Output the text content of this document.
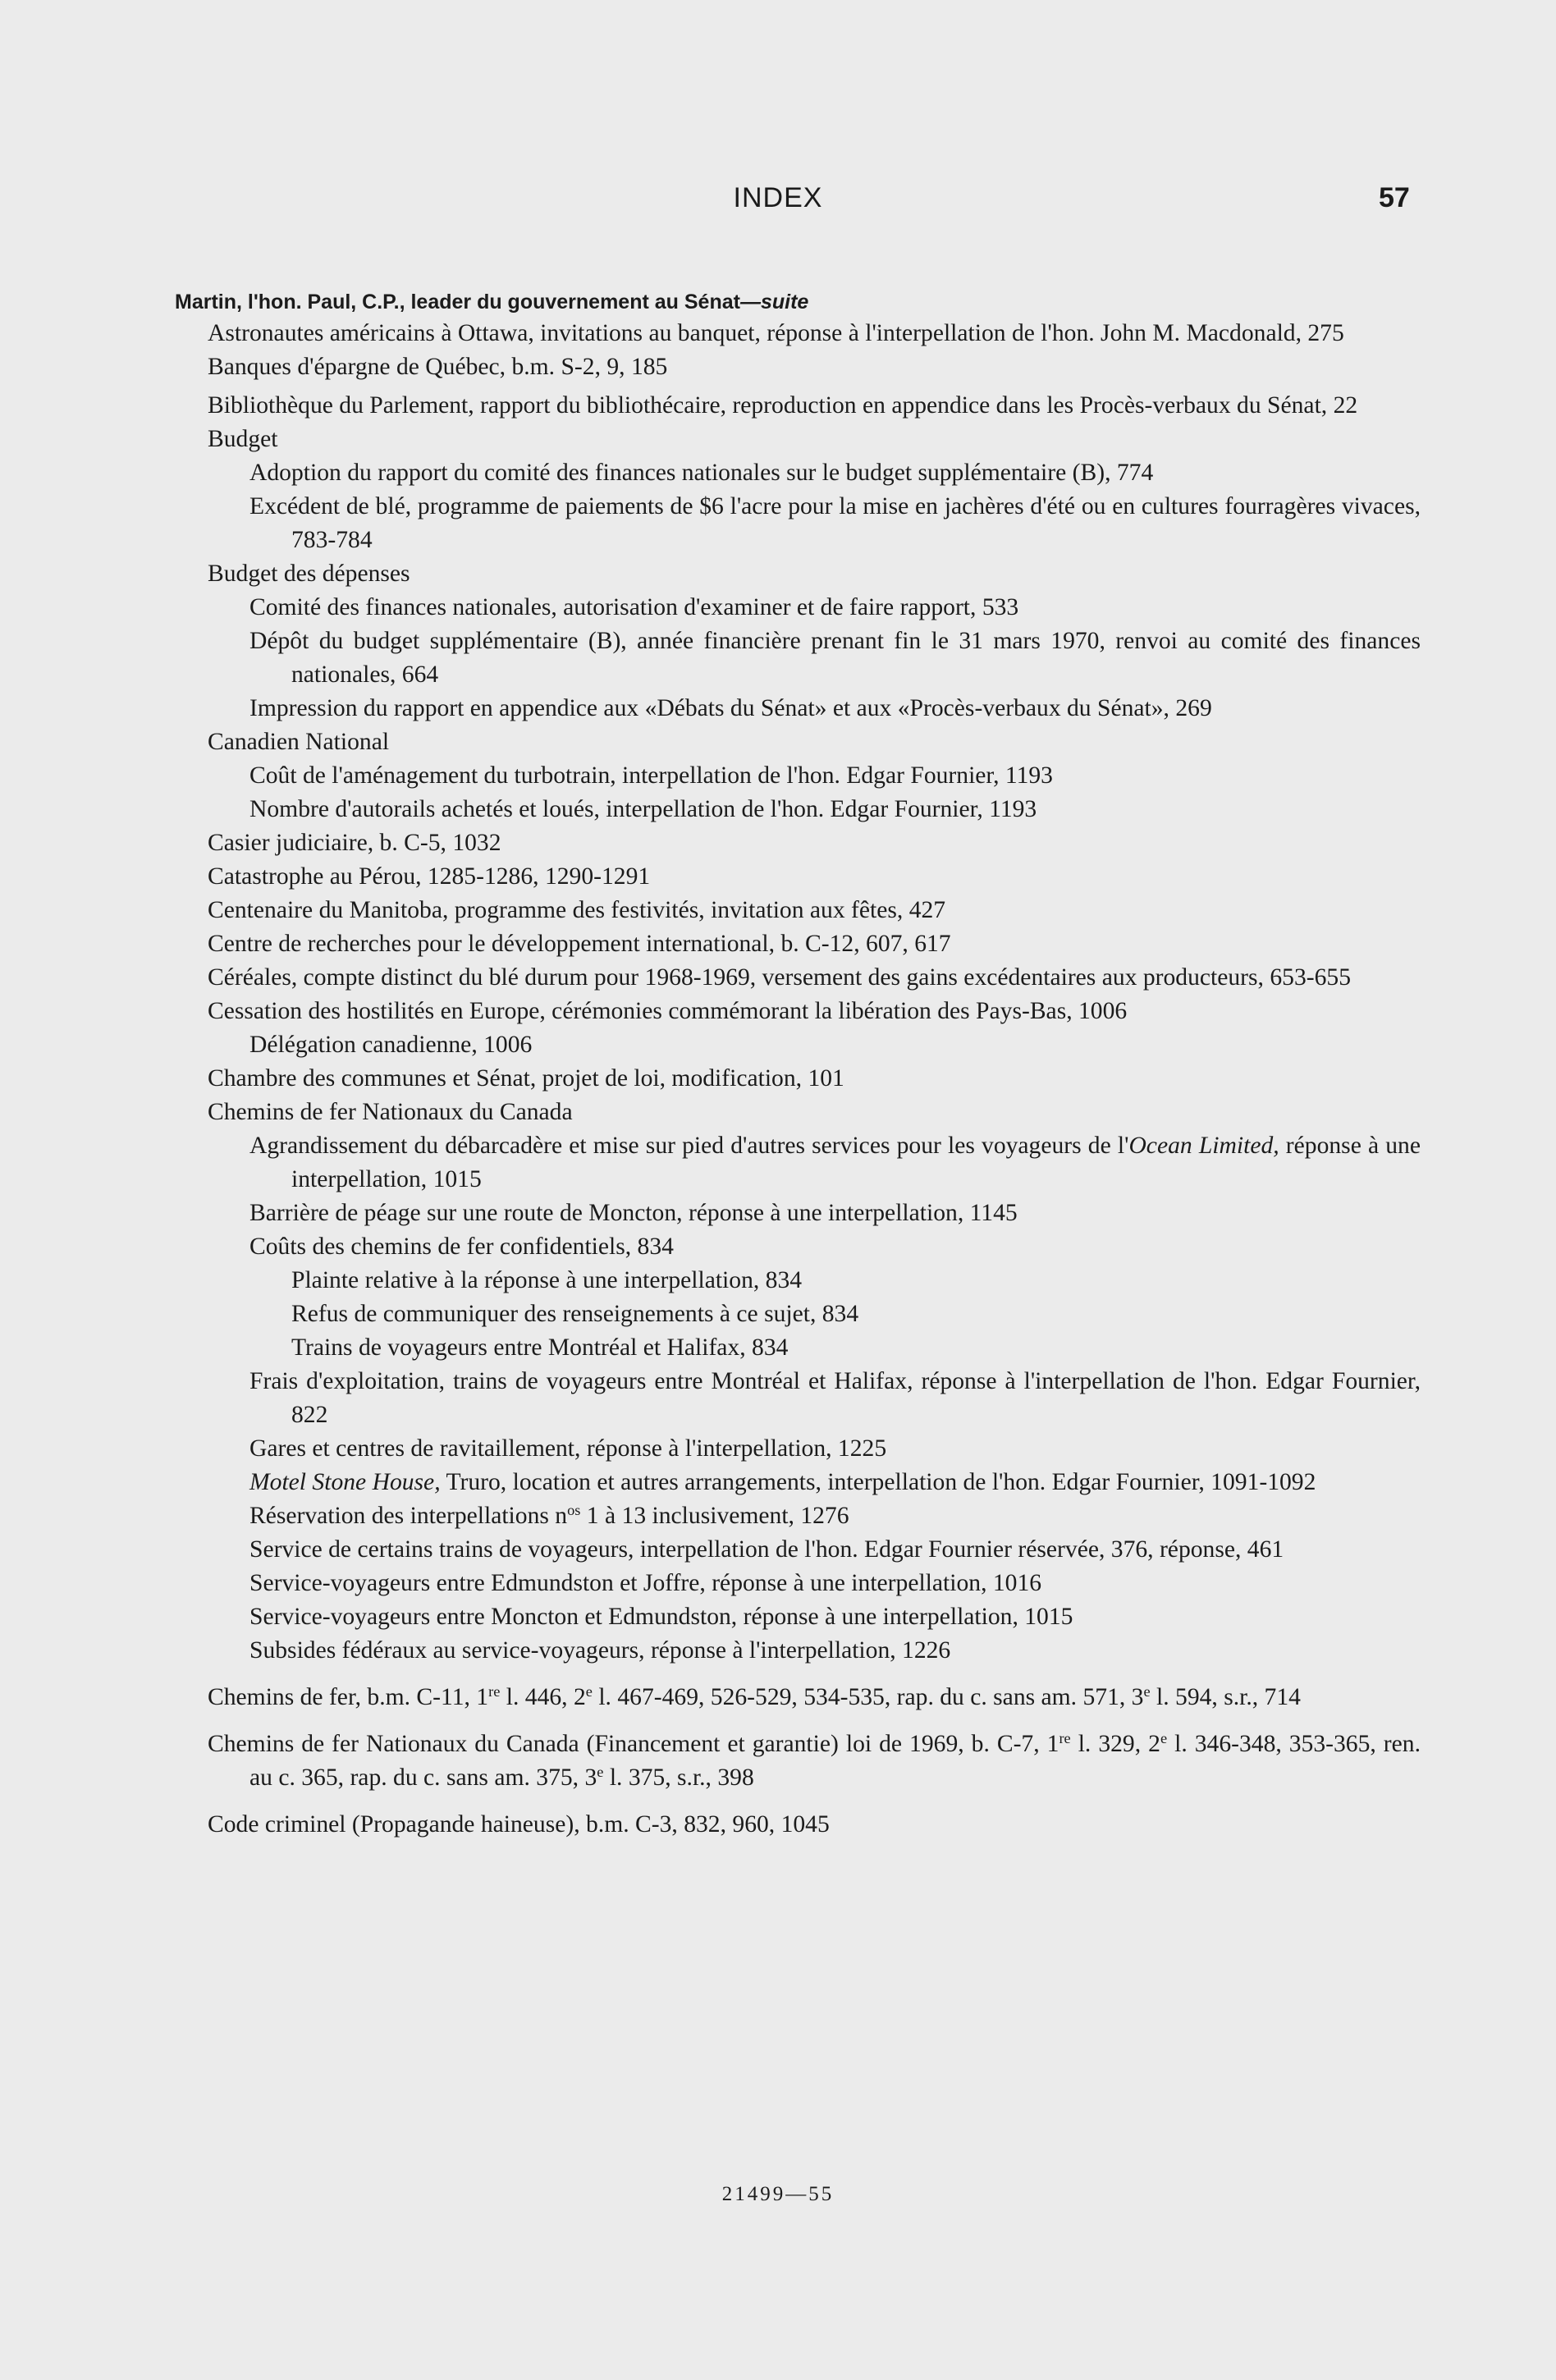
INDEX	57
Martin, l'hon. Paul, C.P., leader du gouvernement au Sénat—suite
Astronautes américains à Ottawa, invitations au banquet, réponse à l'interpellation de l'hon. John M. Macdonald, 275
Banques d'épargne de Québec, b.m. S-2, 9, 185
Bibliothèque du Parlement, rapport du bibliothécaire, reproduction en appendice dans les Procès-verbaux du Sénat, 22
Budget
Adoption du rapport du comité des finances nationales sur le budget supplémentaire (B), 774
Excédent de blé, programme de paiements de $6 l'acre pour la mise en jachères d'été ou en cultures fourragères vivaces, 783-784
Budget des dépenses
Comité des finances nationales, autorisation d'examiner et de faire rapport, 533
Dépôt du budget supplémentaire (B), année financière prenant fin le 31 mars 1970, renvoi au comité des finances nationales, 664
Impression du rapport en appendice aux «Débats du Sénat» et aux «Procès-verbaux du Sénat», 269
Canadien National
Coût de l'aménagement du turbotrain, interpellation de l'hon. Edgar Fournier, 1193
Nombre d'autorails achetés et loués, interpellation de l'hon. Edgar Fournier, 1193
Casier judiciaire, b. C-5, 1032
Catastrophe au Pérou, 1285-1286, 1290-1291
Centenaire du Manitoba, programme des festivités, invitation aux fêtes, 427
Centre de recherches pour le développement international, b. C-12, 607, 617
Céréales, compte distinct du blé durum pour 1968-1969, versement des gains excédentaires aux producteurs, 653-655
Cessation des hostilités en Europe, cérémonies commémorant la libération des Pays-Bas, 1006
Délégation canadienne, 1006
Chambre des communes et Sénat, projet de loi, modification, 101
Chemins de fer Nationaux du Canada
Agrandissement du débarcadère et mise sur pied d'autres services pour les voyageurs de l'Ocean Limited, réponse à une interpellation, 1015
Barrière de péage sur une route de Moncton, réponse à une interpellation, 1145
Coûts des chemins de fer confidentiels, 834
Plainte relative à la réponse à une interpellation, 834
Refus de communiquer des renseignements à ce sujet, 834
Trains de voyageurs entre Montréal et Halifax, 834
Frais d'exploitation, trains de voyageurs entre Montréal et Halifax, réponse à l'interpellation de l'hon. Edgar Fournier, 822
Gares et centres de ravitaillement, réponse à l'interpellation, 1225
Motel Stone House, Truro, location et autres arrangements, interpellation de l'hon. Edgar Fournier, 1091-1092
Réservation des interpellations $n^{os}$ 1 à 13 inclusivement, 1276
Service de certains trains de voyageurs, interpellation de l'hon. Edgar Fournier réservée, 376, réponse, 461
Service-voyageurs entre Edmundston et Joffre, réponse à une interpellation, 1016
Service-voyageurs entre Moncton et Edmundston, réponse à une interpellation, 1015
Subsides fédéraux au service-voyageurs, réponse à l'interpellation, 1226
Chemins de fer, b.m. C-11, 1re l. 446, 2e l. 467-469, 526-529, 534-535, rap. du c. sans am. 571, 3e l. 594, s.r., 714
Chemins de fer Nationaux du Canada (Financement et garantie) loi de 1969, b. C-7, 1re l. 329, 2e l. 346-348, 353-365, ren. au c. 365, rap. du c. sans am. 375, 3e l. 375, s.r., 398
Code criminel (Propagande haineuse), b.m. C-3, 832, 960, 1045
21499—55
